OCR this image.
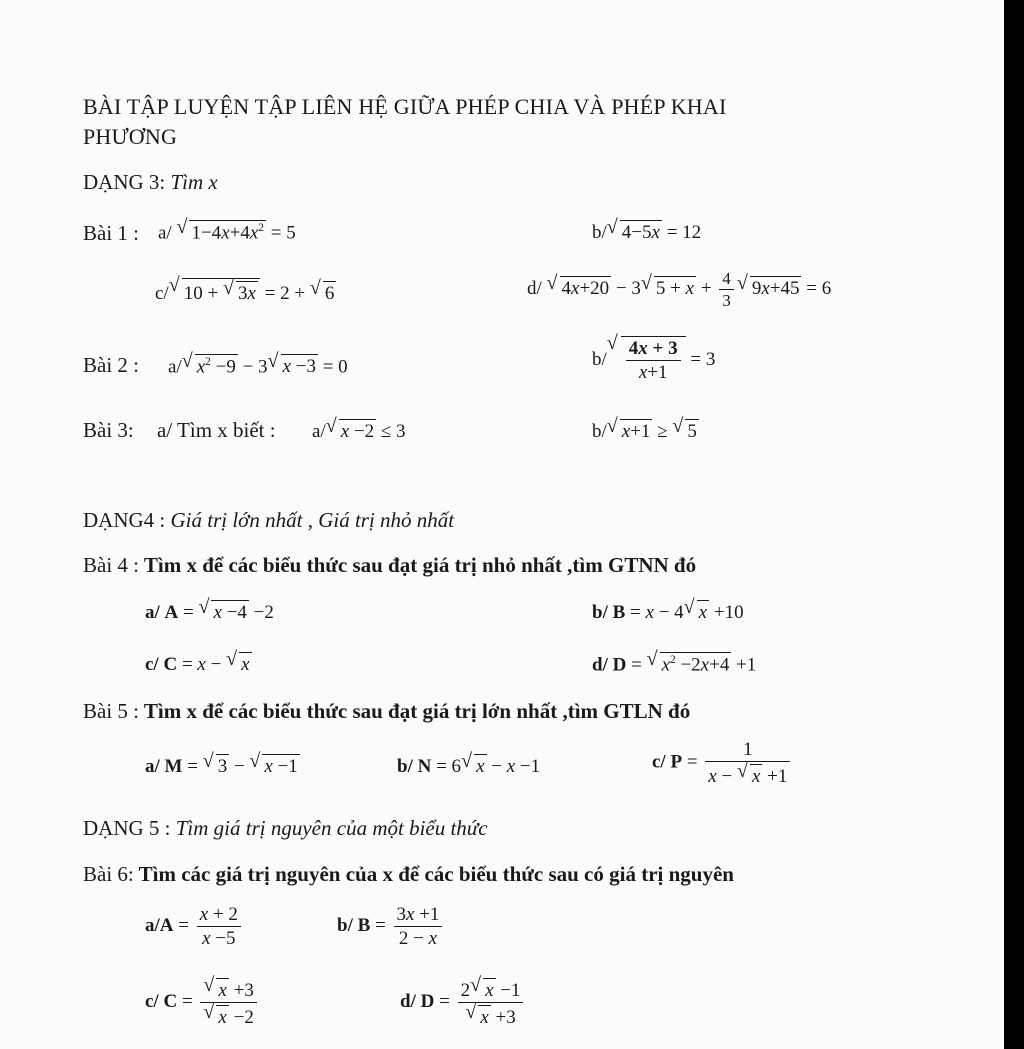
BÀI TẬP LUYỆN TẬP LIÊN HỆ GIỮA PHÉP CHIA VÀ PHÉP KHAI
PHƯƠNG
DẠNG 3: Tìm x
Bài 1 : a/ √ $1-4x+4x^2 = 5$	b/√ 4−5x = 12
c/√ 10 + √ 3x = 2 + √ 6	d/ √ 4x+20 − 3√ $5 + x + \frac{4}{3}$
√ 9x+45 = 6
Bài 2 : a/√ $x^2 -9 - 3√$ x −3 = 0	b/
√ $\frac{4x + 3}{x+1} = 3$
Bài 3: a/ Tìm x biết : a/√ x −2 ≤ 3	b/√ x+1 ≥ √ 5
DẠNG4 : Giá trị lớn nhất , Giá trị nhỏ nhất
Bài 4 : Tìm x để các biểu thức sau đạt giá trị nhỏ nhất ,tìm GTNN đó
a/ A = √ x −4 −2	b/ B = x − 4√ x +10
c/ C = x − √ x	d/ D = √ $x^2 -2x+4 +1$
Bài 5 : Tìm x để các biểu thức sau đạt giá trị lớn nhất ,tìm GTLN đó
a/ M = √ 3 − √ x −1	b/ N = 6√ x − x −1	c/ $P = \frac{1}{x - √ x +1}$
DẠNG 5 : Tìm giá trị nguyên của một biểu thức
Bài 6: Tìm các giá trị nguyên của x để các biểu thức sau có giá trị nguyên
$a/A = \frac{x + 2}{x -5}$	b/ $B = \frac{3x +1}{2 - x}$
c/ C =
√ x +3
√ x −2	d/ D = 2√ x −1
√ x +3
